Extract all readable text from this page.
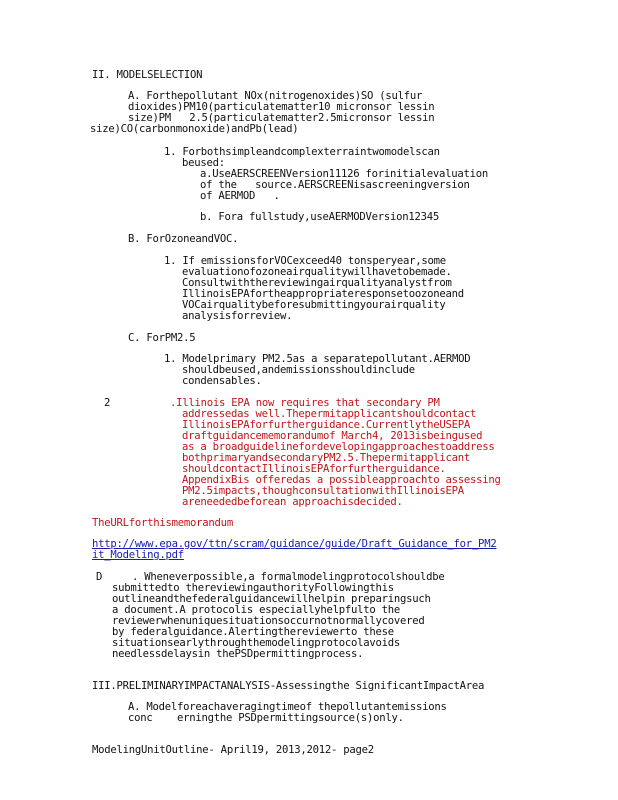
II. MODELSELECTION
A. Forthepollutant NOx(nitrogenoxides)SO (sulfur
dioxides)PM10(particulatematter10 micronsor lessin
size)PM   2.5(particulatematter2.5micronsor lessin
size)CO(carbonmonoxide)andPb(lead)
1. Forbothsimpleandcomplexterraintwomodelscan
beused:
a.UseAERSCREENVersion11126 forinitialevaluation
of the   source.AERSCREENisascreeningversion
of AERMOD   .
b. Fora fullstudy,useAERMODVersion12345
B. ForOzoneandVOC.
1. If emissionsforVOCexceed40 tonsperyear,some
evaluationofozoneairqualitywillhavetobemade.
Consultwiththereviewingairqualityanalystfrom
IllinoisEPAfortheappropriateresponsetoozoneand
VOCairqualitybeforesubmittingyourairquality
analysisforreview.
C. ForPM2.5
1. Modelprimary PM2.5as a separatepollutant.AERMOD
shouldbeused,andemissionsshouldinclude
condensables.
2	.Illinois EPA now requires that secondary PM
addressedas well.Thepermitapplicantshouldcontact
IllinoisEPAforfurtherguidance.CurrentlytheUSEPA
draftguidancememorandumof March4, 2013isbeingused
as a broadguidelinefordevelopingapproachestoaddress
bothprimaryandsecondaryPM2.5.Thepermitapplicant
shouldcontactIllinoisEPAforfurtherguidance.
AppendixBis offeredas a possibleapproachto assessing
PM2.5impacts,thoughconsultationwithIllinoisEPA
areneededbeforean approachisdecided.
TheURLforthismemorandum
http://www.epa.gov/ttn/scram/guidance/guide/Draft_Guidance_for_PM2
it_Modeling.pdf
D	. Wheneverpossible,a formalmodelingprotocolshouldbe
submittedto thereviewingauthorityFollowingthis
outlineandthefederalguidancewillhelpin preparingsuch
a document.A protocolis especiallyhelpfulto the
reviewerwhenuniquesituationsoccurnotnormallycovered
by federalguidance.Alertingthereviewerto these
situationsearlythroughthemodelingprotocolavoids
needlessdelaysin thePSDpermittingprocess.
III.PRELIMINARYIMPACTANALYSIS-Assessingthe SignificantImpactArea
A. Modelforeachaveragingtimeof thepollutantemissions
conc    erningthe PSDpermittingsource(s)only.
ModelingUnitOutline- April19, 2013,2012- page2
